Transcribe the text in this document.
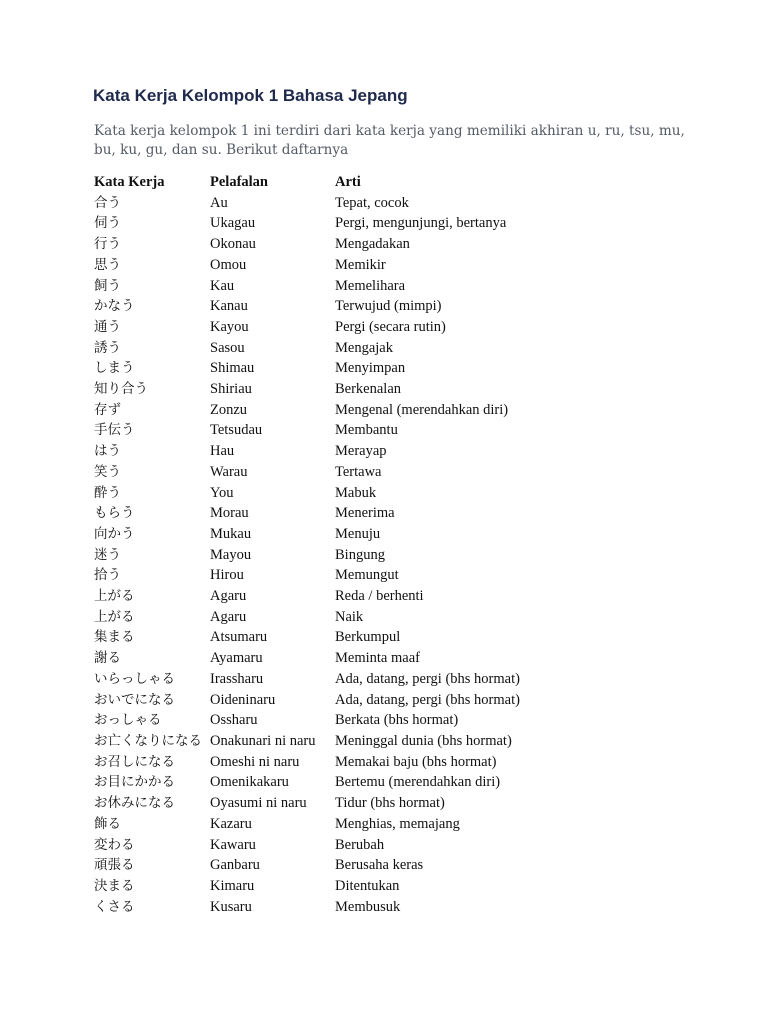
Kata Kerja Kelompok 1 Bahasa Jepang
Kata kerja kelompok 1 ini terdiri dari kata kerja yang memiliki akhiran u, ru, tsu, mu, bu, ku, gu, dan su. Berikut daftarnya
Kata Kerja	Pelafalan	Arti
合う	Au	Tepat, cocok
伺う	Ukagau	Pergi, mengunjungi, bertanya
行う	Okonau	Mengadakan
思う	Omou	Memikir
飼う	Kau	Memelihara
かなう	Kanau	Terwujud (mimpi)
通う	Kayou	Pergi (secara rutin)
誘う	Sasou	Mengajak
しまう	Shimau	Menyimpan
知り合う	Shiriau	Berkenalan
存ず	Zonzu	Mengenal (merendahkan diri)
手伝う	Tetsudau	Membantu
はう	Hau	Merayap
笑う	Warau	Tertawa
酔う	You	Mabuk
もらう	Morau	Menerima
向かう	Mukau	Menuju
迷う	Mayou	Bingung
拾う	Hirou	Memungut
上がる	Agaru	Reda / berhenti
上がる	Agaru	Naik
集まる	Atsumaru	Berkumpul
謝る	Ayamaru	Meminta maaf
いらっしゃる	Irassharu	Ada, datang, pergi (bhs hormat)
おいでになる	Oideninaru	Ada, datang, pergi (bhs hormat)
おっしゃる	Ossharu	Berkata (bhs hormat)
お亡くなりになる Onakunari ni naru	Meninggal dunia (bhs hormat)
お召しになる	Omeshi ni naru	Memakai baju (bhs hormat)
お目にかかる	Omenikakaru	Bertemu (merendahkan diri)
お休みになる	Oyasumi ni naru	Tidur (bhs hormat)
飾る	Kazaru	Menghias, memajang
変わる	Kawaru	Berubah
頑張る	Ganbaru	Berusaha keras
決まる	Kimaru	Ditentukan
くさる	Kusaru	Membusuk
